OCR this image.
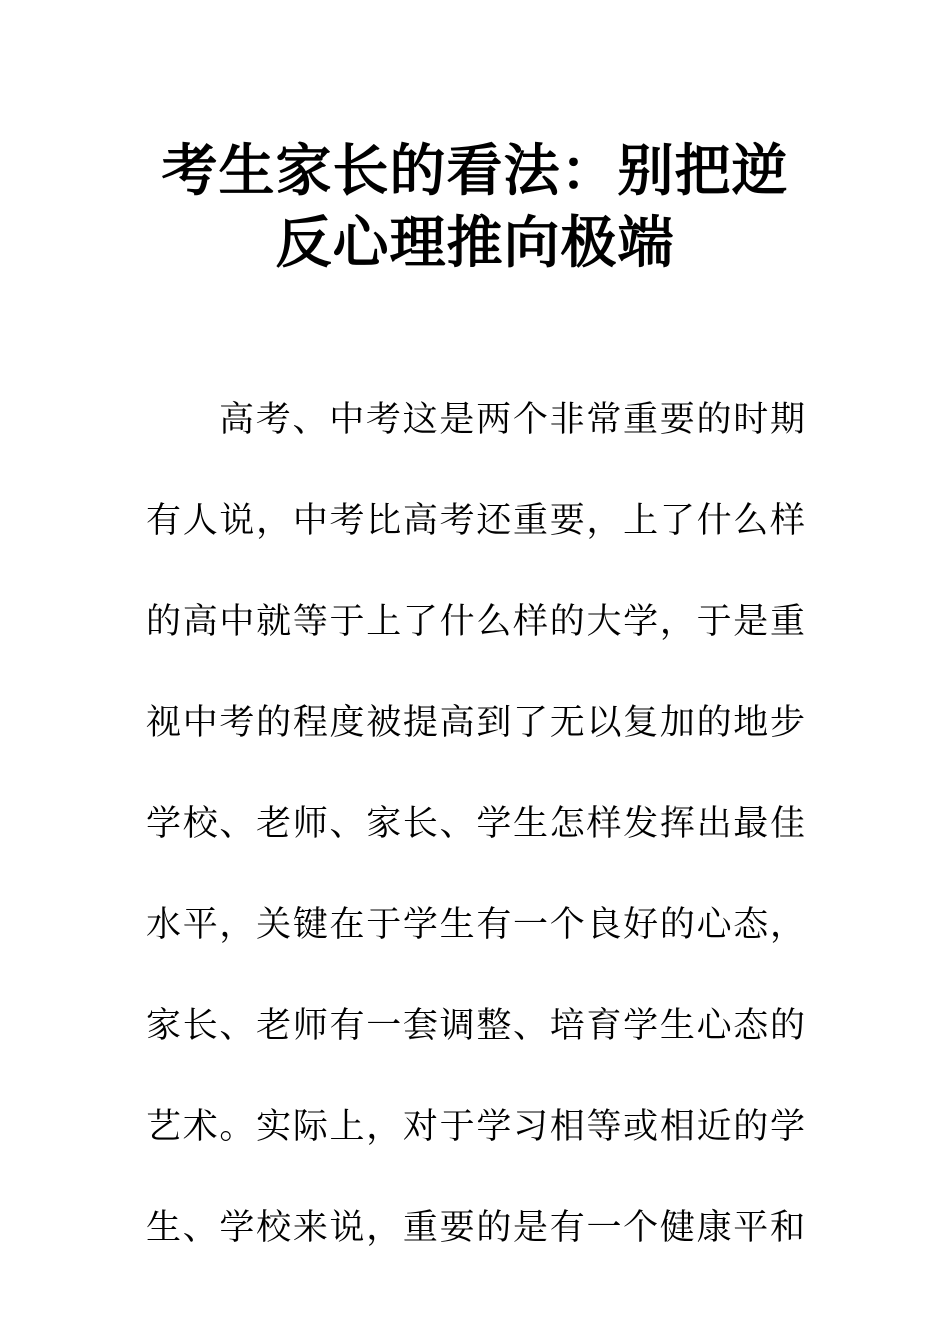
考生家长的看法：别把逆
反心理推向极端
高考、中考这是两个非常重要的时期
有人说，中考比高考还重要，上了什么样
的高中就等于上了什么样的大学，于是重
视中考的程度被提高到了无以复加的地步
学校、老师、家长、学生怎样发挥出最佳
水平，关键在于学生有一个良好的心态，
家长、老师有一套调整、培育学生心态的
艺术。实际上，对于学习相等或相近的学
生、学校来说，重要的是有一个健康平和
